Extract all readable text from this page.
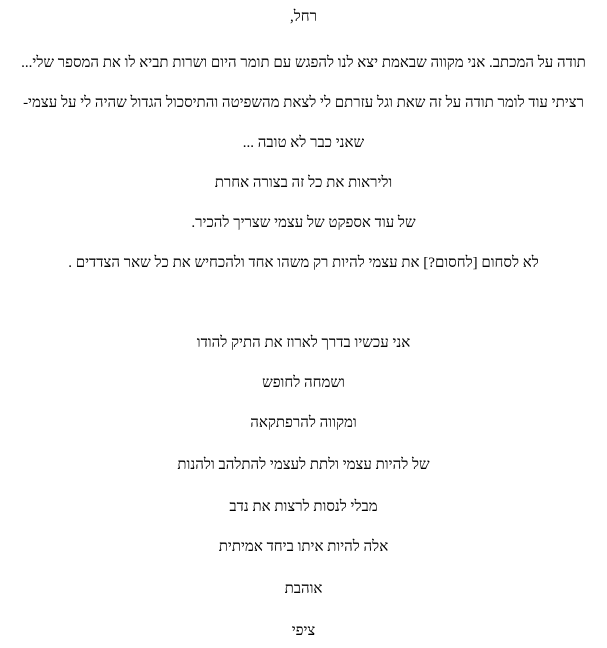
רחל,
תודה על המכתב. אני מקווה שבאמת יצא לנו להפגש עם תומר היום ושרות תביא לו את המספר שלי...
רציתי עוד לומר תודה על זה שאת וגל עזרתם לי לצאת מהשפיטה והתיסכול הגדול שהיה לי על עצמי-
שאני כבר לא טובה ...
וליראות את כל זה בצורה אחרת
של עוד אספקט של עצמי שצריך להכיר.
לא לסחום [לחסום?] את עצמי להיות רק משהו אחד ולהכחיש את כל שאר הצדדים .
אני עכשיו בדרך לארוז את התיק להודו
ושמחה לחופש
ומקווה להרפתקאה
של להיות עצמי ולתת לעצמי להתלהב ולהנות
מבלי לנסות לרצות את נדב
אלה להיות איתו ביחד אמיתית
אוהבת
ציפי
